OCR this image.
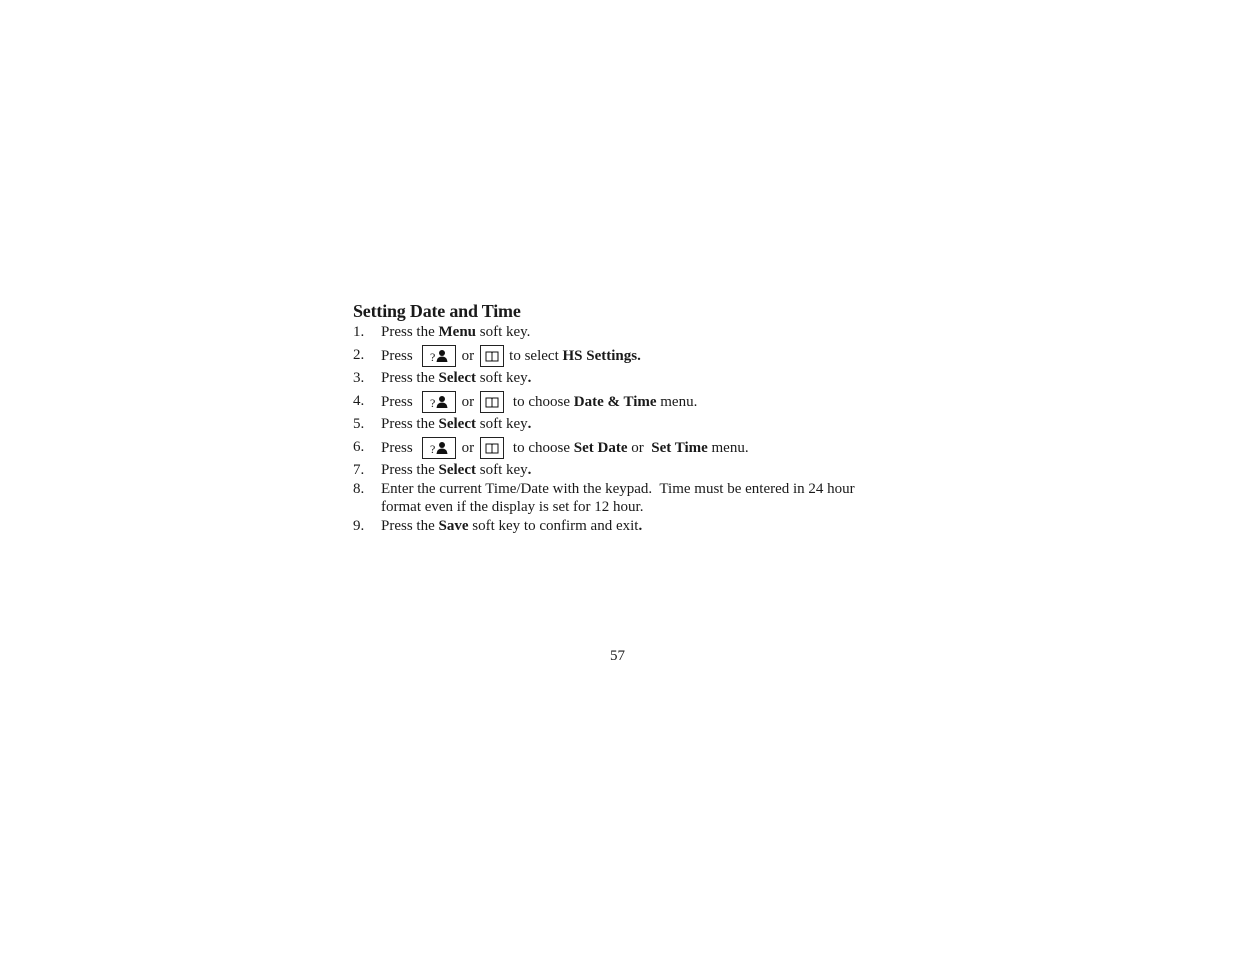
Setting Date and Time
1. Press the Menu soft key.
2. Press ? or to select HS Settings.
3. Press the Select soft key.
4. Press ? or to choose Date & Time menu.
5. Press the Select soft key.
6. Press ? or to choose Set Date or Set Time menu.
7. Press the Select soft key.
8. Enter the current Time/Date with the keypad.  Time must be entered in 24 hour
format even if the display is set for 12 hour.
9. Press the Save soft key to confirm and exit.
57
